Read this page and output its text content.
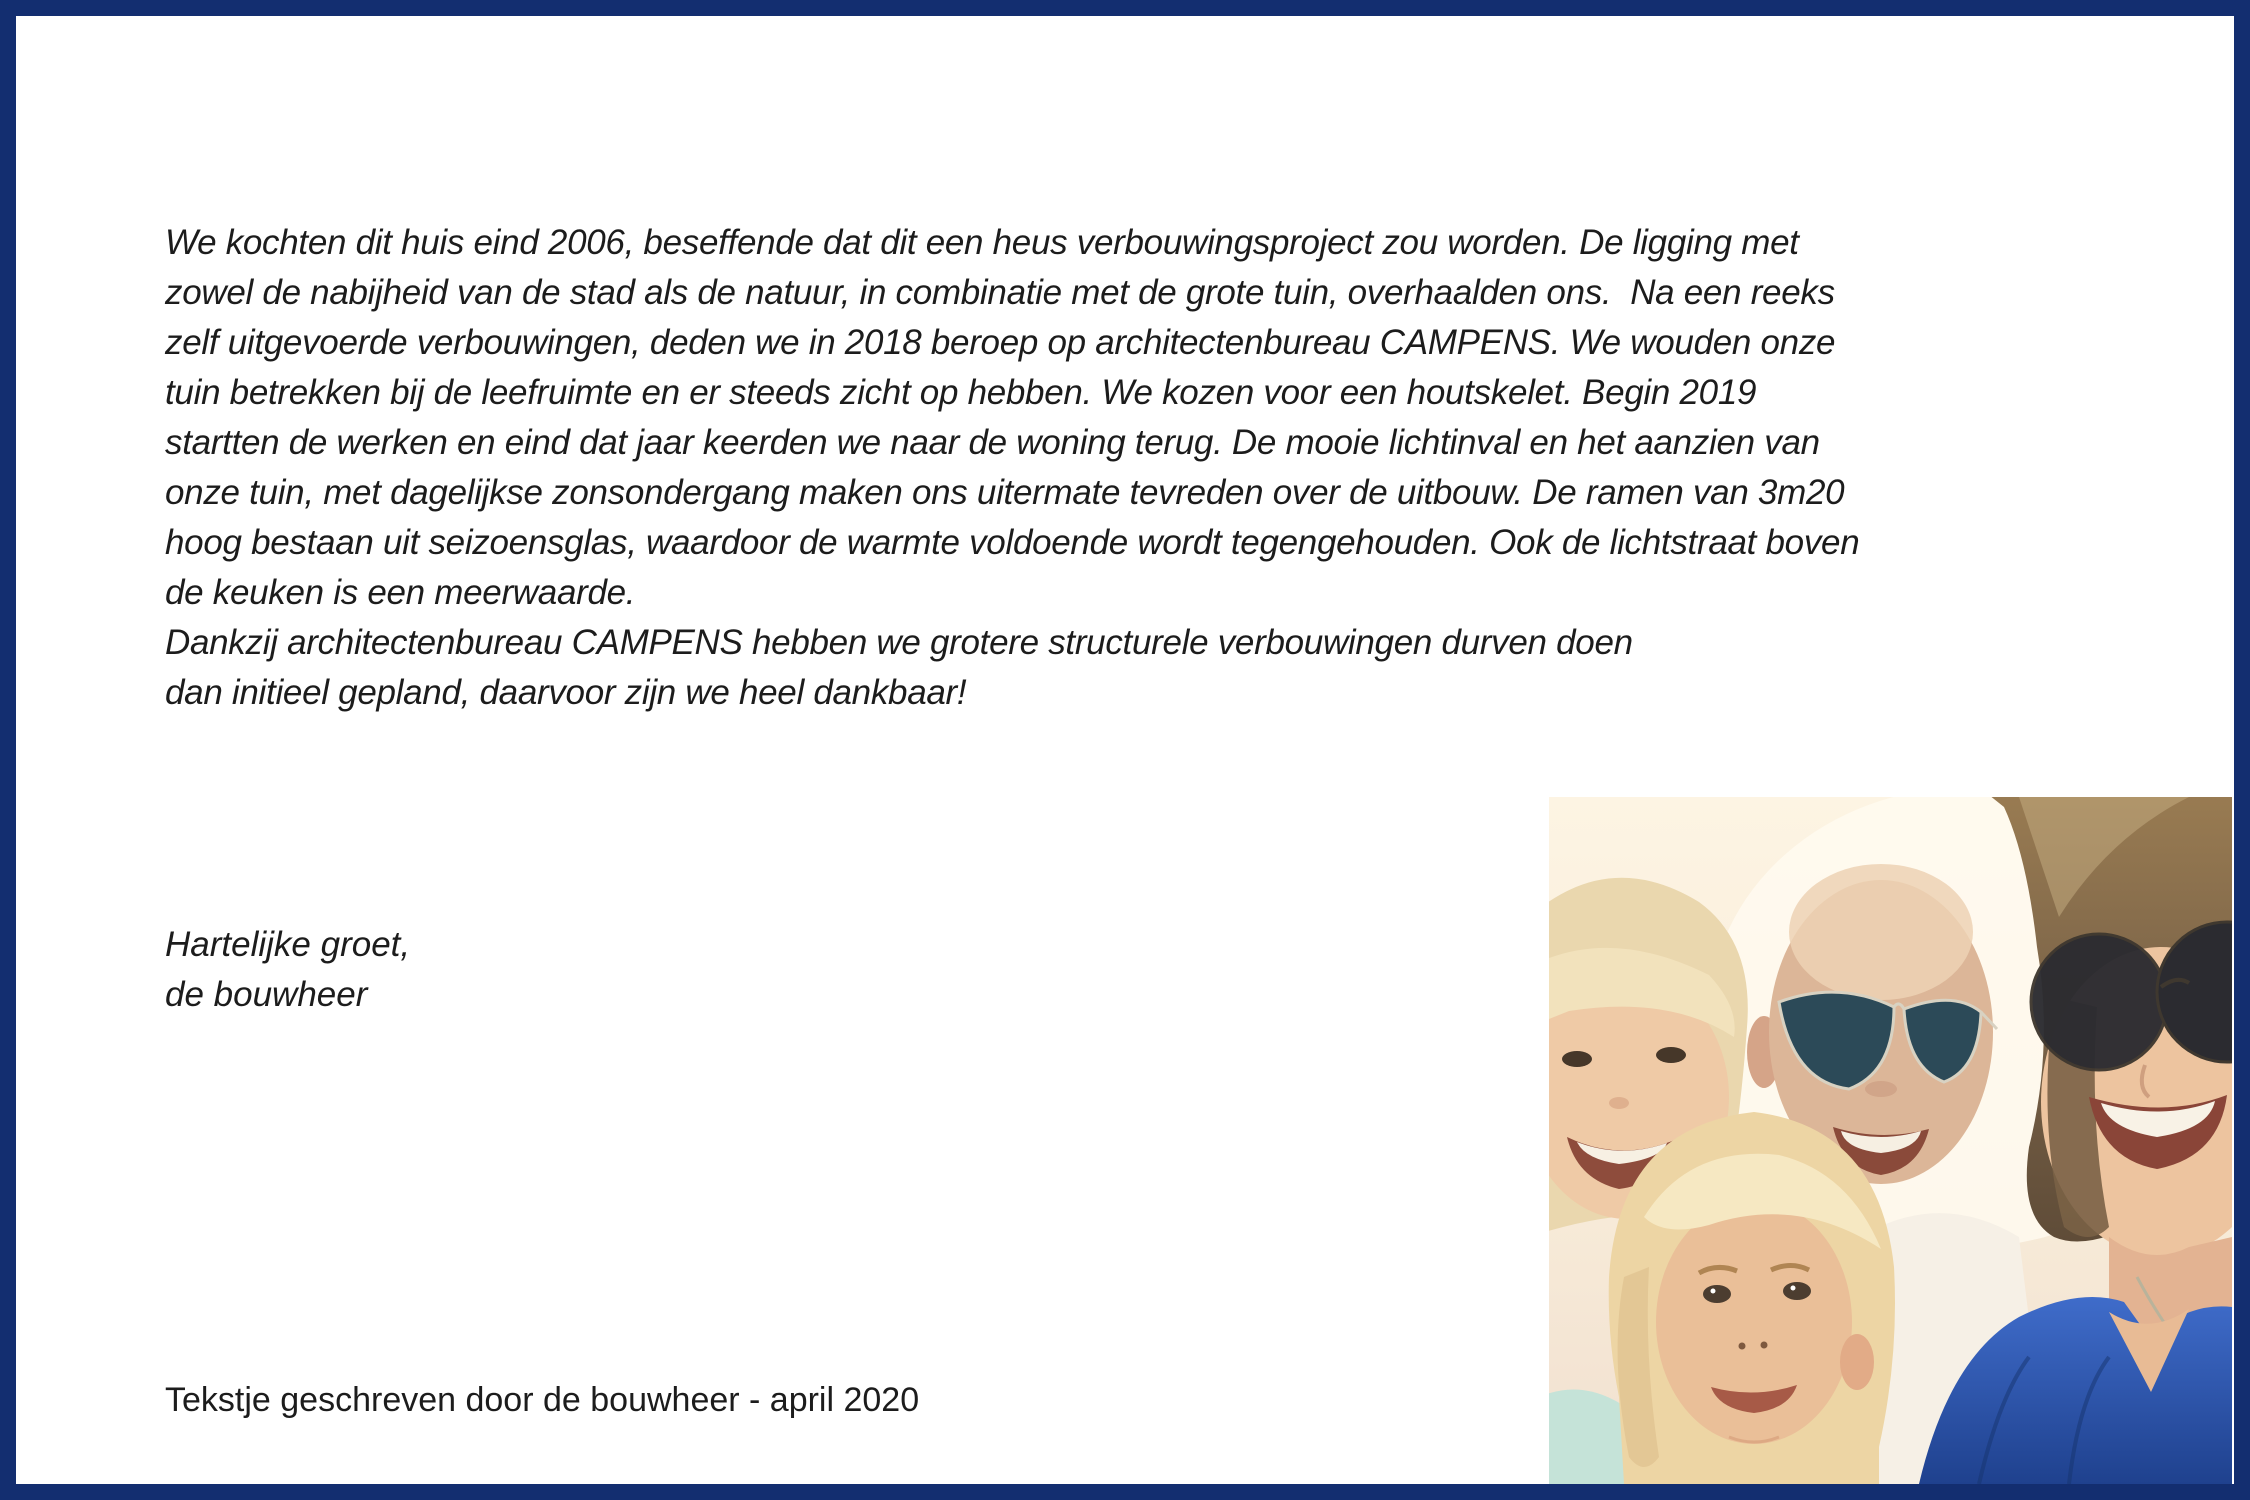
We kochten dit huis eind 2006, beseffende dat dit een heus verbouwingsproject zou worden. De ligging met
zowel de nabijheid van de stad als de natuur, in combinatie met de grote tuin, overhaalden ons.  Na een reeks
zelf uitgevoerde verbouwingen, deden we in 2018 beroep op architectenbureau CAMPENS. We wouden onze
tuin betrekken bij de leefruimte en er steeds zicht op hebben. We kozen voor een houtskelet. Begin 2019
startten de werken en eind dat jaar keerden we naar de woning terug. De mooie lichtinval en het aanzien van
onze tuin, met dagelijkse zonsondergang maken ons uitermate tevreden over de uitbouw. De ramen van 3m20
hoog bestaan uit seizoensglas, waardoor de warmte voldoende wordt tegengehouden. Ook de lichtstraat boven
de keuken is een meerwaarde.
Dankzij architectenbureau CAMPENS hebben we grotere structurele verbouwingen durven doen
dan initieel gepland, daarvoor zijn we heel dankbaar!
Hartelijke groet,
de bouwheer
Tekstje geschreven door de bouwheer - april 2020
